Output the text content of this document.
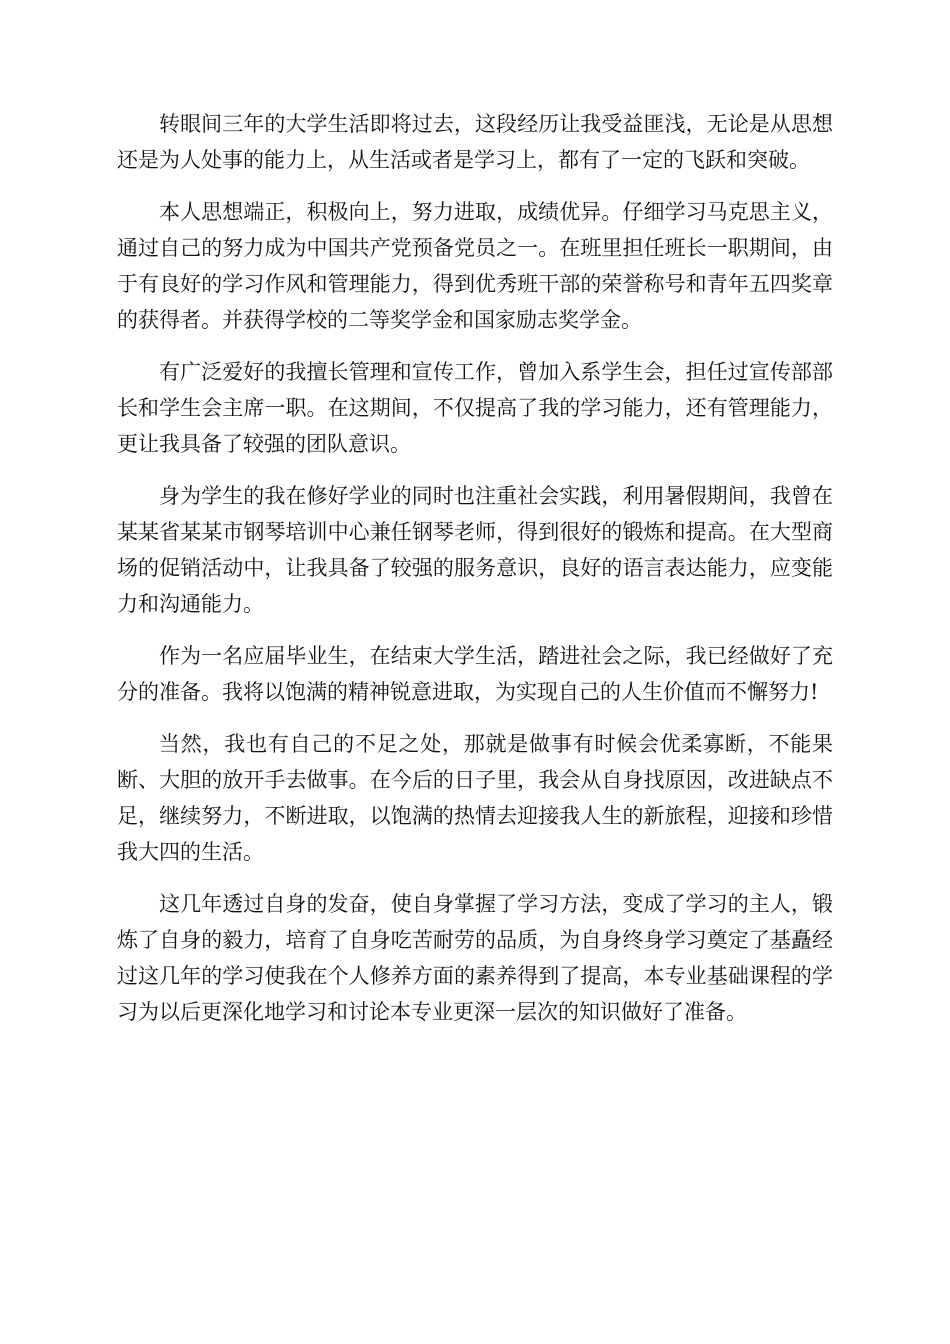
转眼间三年的大学生活即将过去，这段经历让我受益匪浅，无论是从思想还是为人处事的能力上，从生活或者是学习上，都有了一定的飞跃和突破。

本人思想端正，积极向上，努力进取，成绩优异。仔细学习马克思主义，通过自己的努力成为中国共产党预备党员之一。在班里担任班长一职期间，由于有良好的学习作风和管理能力，得到优秀班干部的荣誉称号和青年五四奖章的获得者。并获得学校的二等奖学金和国家励志奖学金。

有广泛爱好的我擅长管理和宣传工作，曾加入系学生会，担任过宣传部部长和学生会主席一职。在这期间，不仅提高了我的学习能力，还有管理能力，更让我具备了较强的团队意识。

身为学生的我在修好学业的同时也注重社会实践，利用暑假期间，我曾在某某省某某市钢琴培训中心兼任钢琴老师，得到很好的锻炼和提高。在大型商场的促销活动中，让我具备了较强的服务意识，良好的语言表达能力，应变能力和沟通能力。

作为一名应届毕业生，在结束大学生活，踏进社会之际，我已经做好了充分的准备。我将以饱满的精神锐意进取，为实现自己的人生价值而不懈努力!

当然，我也有自己的不足之处，那就是做事有时候会优柔寡断，不能果断、大胆的放开手去做事。在今后的日子里，我会从自身找原因，改进缺点不足，继续努力，不断进取，以饱满的热情去迎接我人生的新旅程，迎接和珍惜我大四的生活。

这几年透过自身的发奋，使自身掌握了学习方法，变成了学习的主人，锻炼了自身的毅力，培育了自身吃苦耐劳的品质，为自身终身学习奠定了基矗经过这几年的学习使我在个人修养方面的素养得到了提高，本专业基础课程的学习为以后更深化地学习和讨论本专业更深一层次的知识做好了准备。
